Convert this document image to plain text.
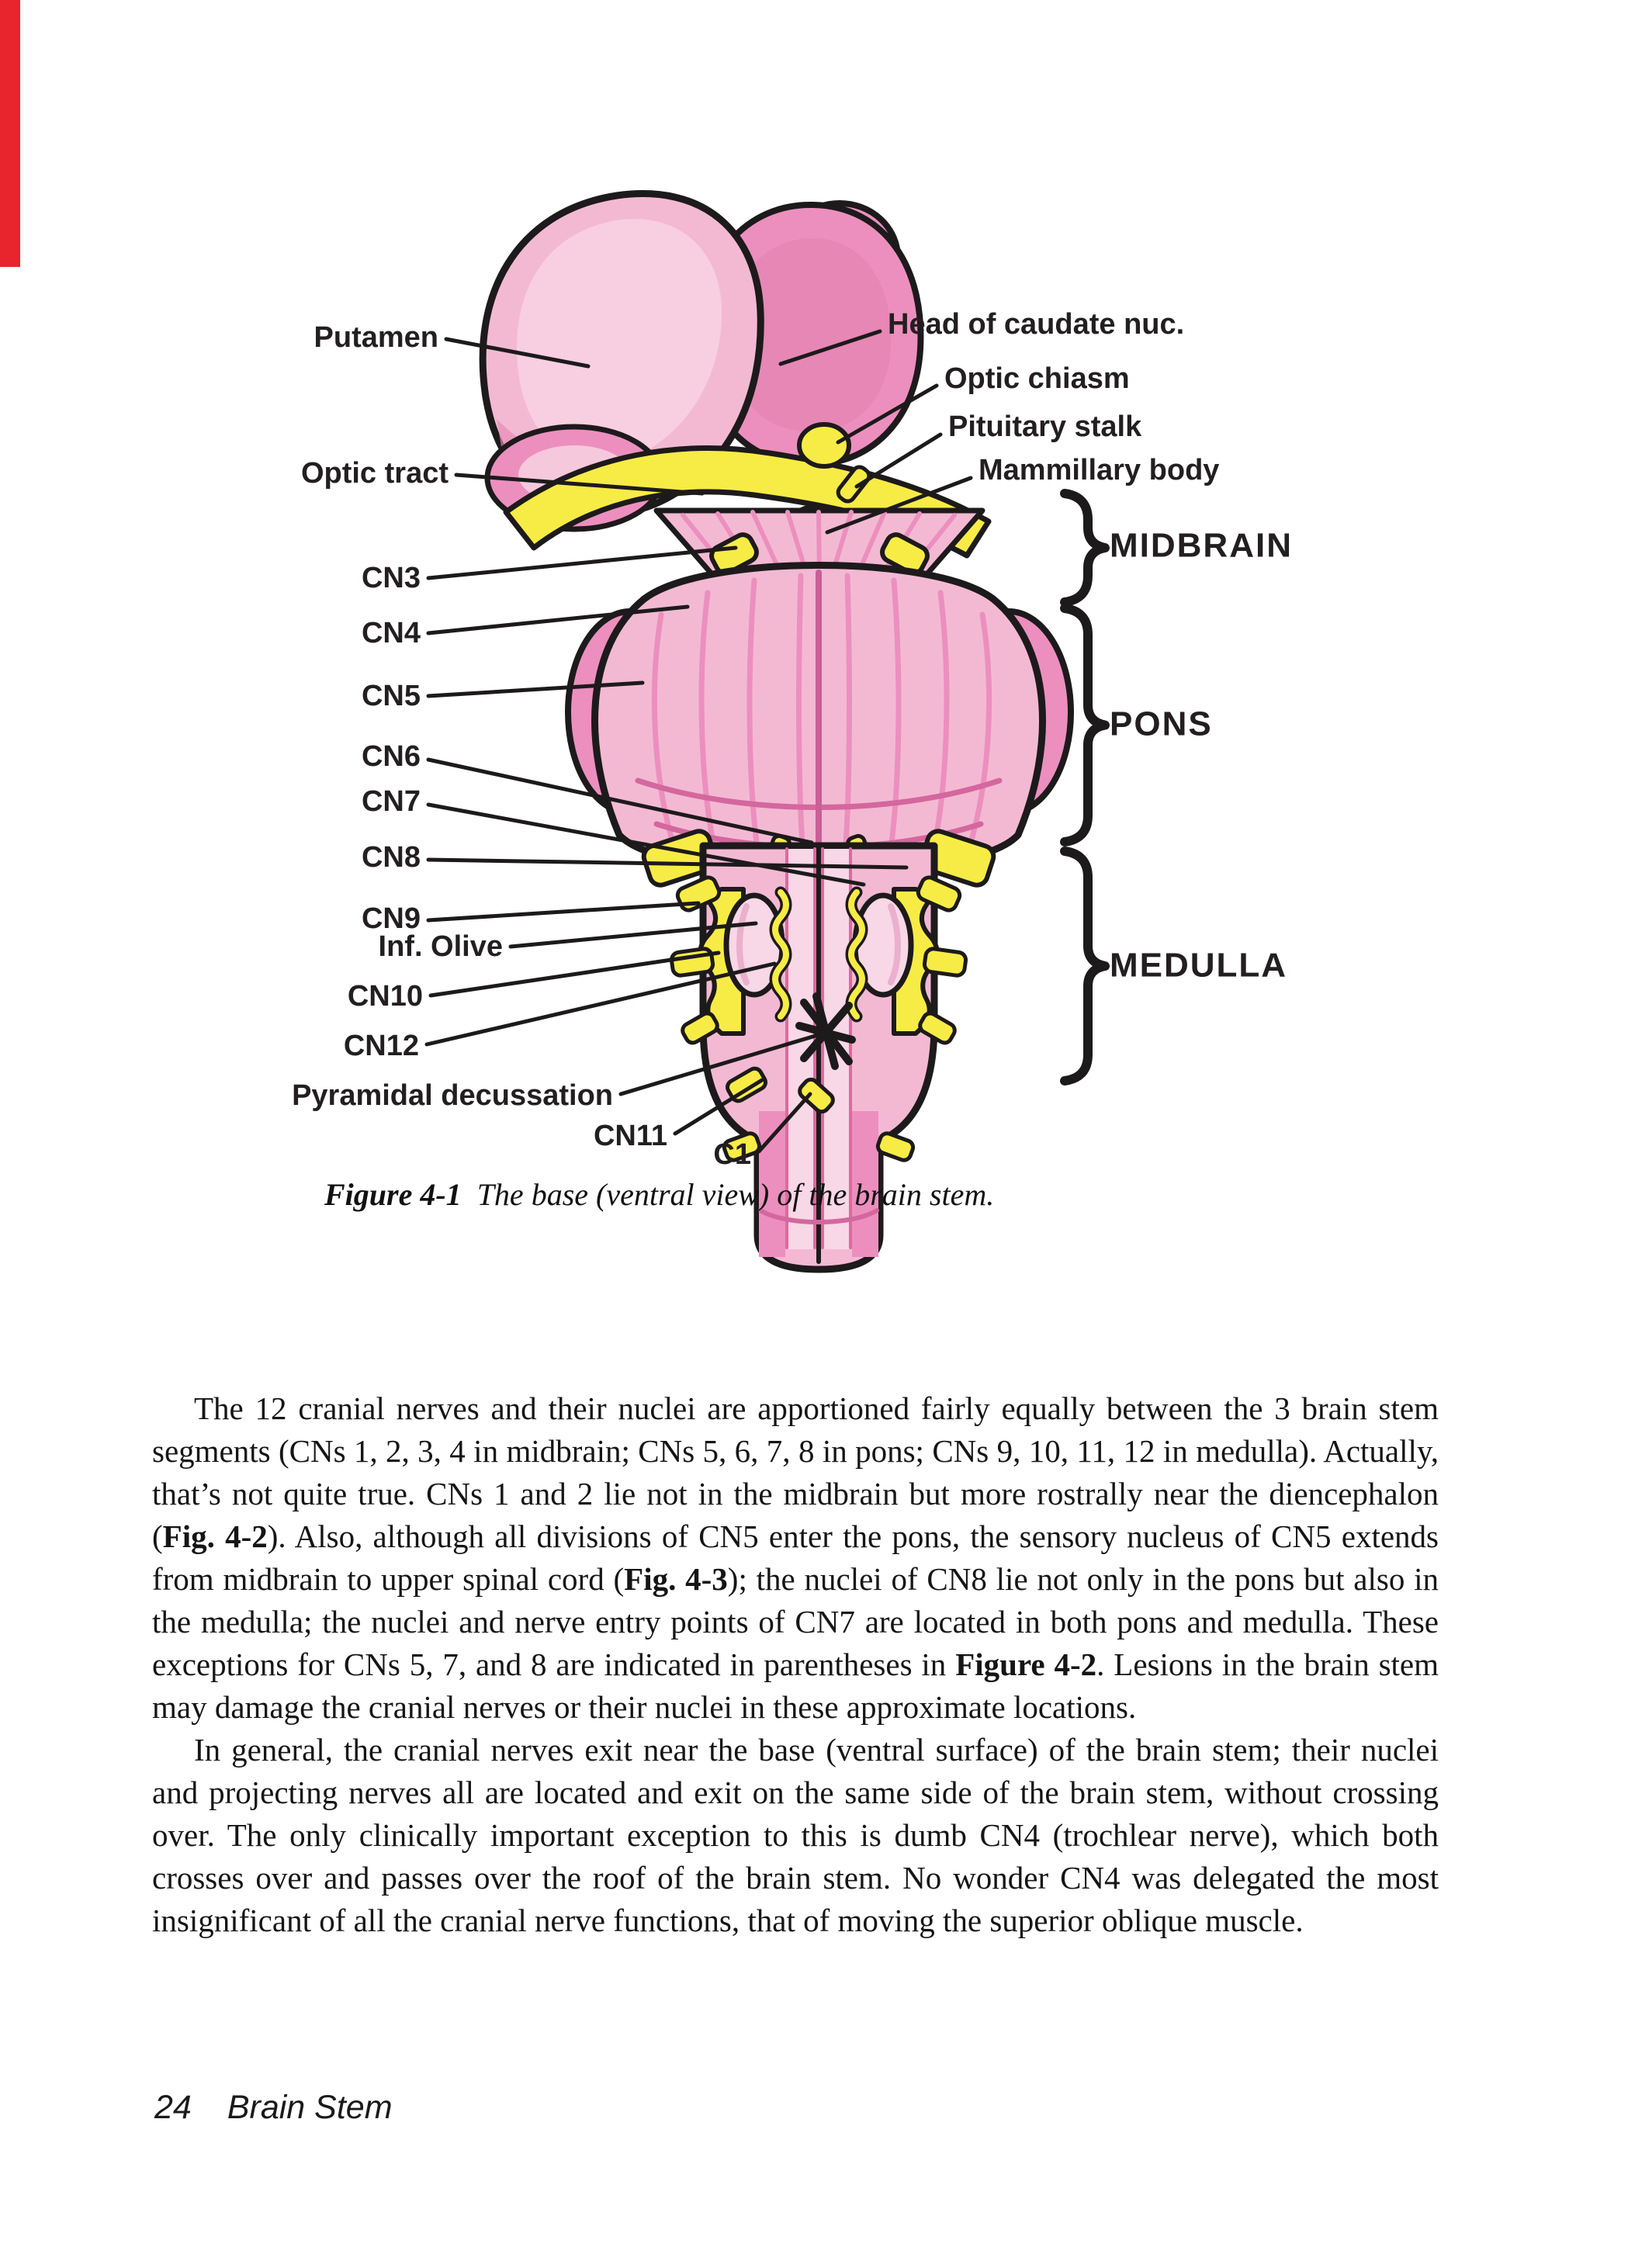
Putamen
Optic tract
CN3
CN4
CN5
CN6
CN7
CN8
CN9
Inf. Olive
CN10
CN12
Pyramidal decussation
CN11
C1
Head of caudate nuc.
Optic chiasm
Pituitary stalk
Mammillary body
MIDBRAIN
PONS
MEDULLA
Figure 4-1 The base (ventral view) of the brain stem.

The 12 cranial nerves and their nuclei are apportioned fairly equally between the 3 brain stem segments (CNs 1, 2, 3, 4 in midbrain; CNs 5, 6, 7, 8 in pons; CNs 9, 10, 11, 12 in medulla). Actually, that’s not quite true. CNs 1 and 2 lie not in the midbrain but more rostrally near the diencephalon (Fig. 4-2). Also, although all divisions of CN5 enter the pons, the sensory nucleus of CN5 extends from midbrain to upper spinal cord (Fig. 4-3); the nuclei of CN8 lie not only in the pons but also in the medulla; the nuclei and nerve entry points of CN7 are located in both pons and medulla. These exceptions for CNs 5, 7, and 8 are indicated in parentheses in Figure 4-2. Lesions in the brain stem may damage the cranial nerves or their nuclei in these approximate locations.

In general, the cranial nerves exit near the base (ventral surface) of the brain stem; their nuclei and projecting nerves all are located and exit on the same side of the brain stem, without crossing over. The only clinically important exception to this is dumb CN4 (trochlear nerve), which both crosses over and passes over the roof of the brain stem. No wonder CN4 was delegated the most insignificant of all the cranial nerve functions, that of moving the superior oblique muscle.

24 Brain Stem
